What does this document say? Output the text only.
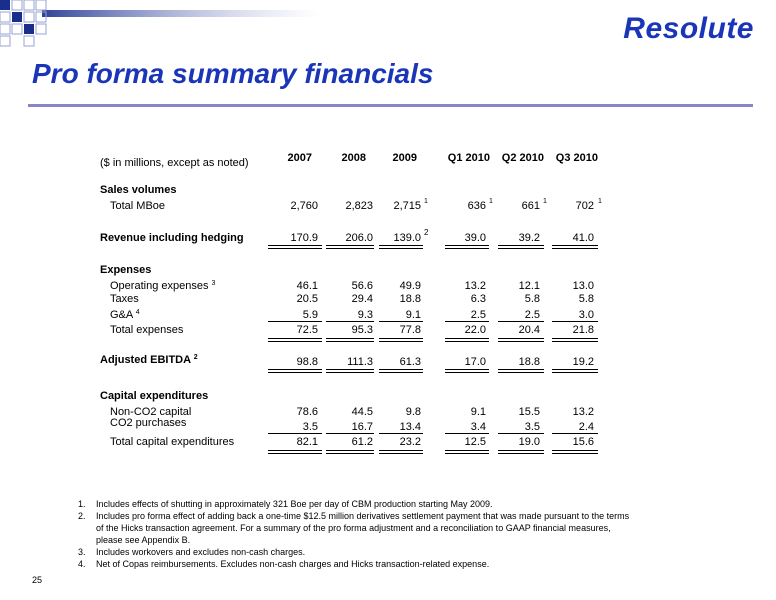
Resolute
Pro forma summary financials
($ in millions, except as noted)	2007	2008	2009	Q1 2010	Q2 2010	Q3 2010
Sales volumes
Total MBoe	2,760	2,823	2,715 1	636 1	661 1	702 1
Revenue including hedging	170.9	206.0	139.0 2	39.0	39.2	41.0
Expenses
Operating expenses $^3$	46.1	56.6	49.9	13.2	12.1	13.0
Taxes	20.5	29.4	18.8	6.3	5.8	5.8
G&A $^4$	5.9	9.3	9.1	2.5	2.5	3.0
Total expenses	72.5	95.3	77.8	22.0	20.4	21.8
Adjusted EBITDA $^2$	98.8	111.3	61.3	17.0	18.8	19.2
Capital expenditures
Non-CO2 capital	78.6	44.5	9.8	9.1	15.5	13.2
CO2 purchases	3.5	16.7	13.4	3.4	3.5	2.4
Total capital expenditures	82.1	61.2	23.2	12.5	19.0	15.6
1. Includes effects of shutting in approximately 321 Boe per day of CBM production starting May 2009.
2. Includes pro forma effect of adding back a one-time $12.5 million derivatives settlement payment that was made pursuant to the terms
of the Hicks transaction agreement. For a summary of the pro forma adjustment and a reconciliation to GAAP financial measures,
please see Appendix B.
3. Includes workovers and excludes non-cash charges.
4. Net of Copas reimbursements. Excludes non-cash charges and Hicks transaction-related expense.
25
